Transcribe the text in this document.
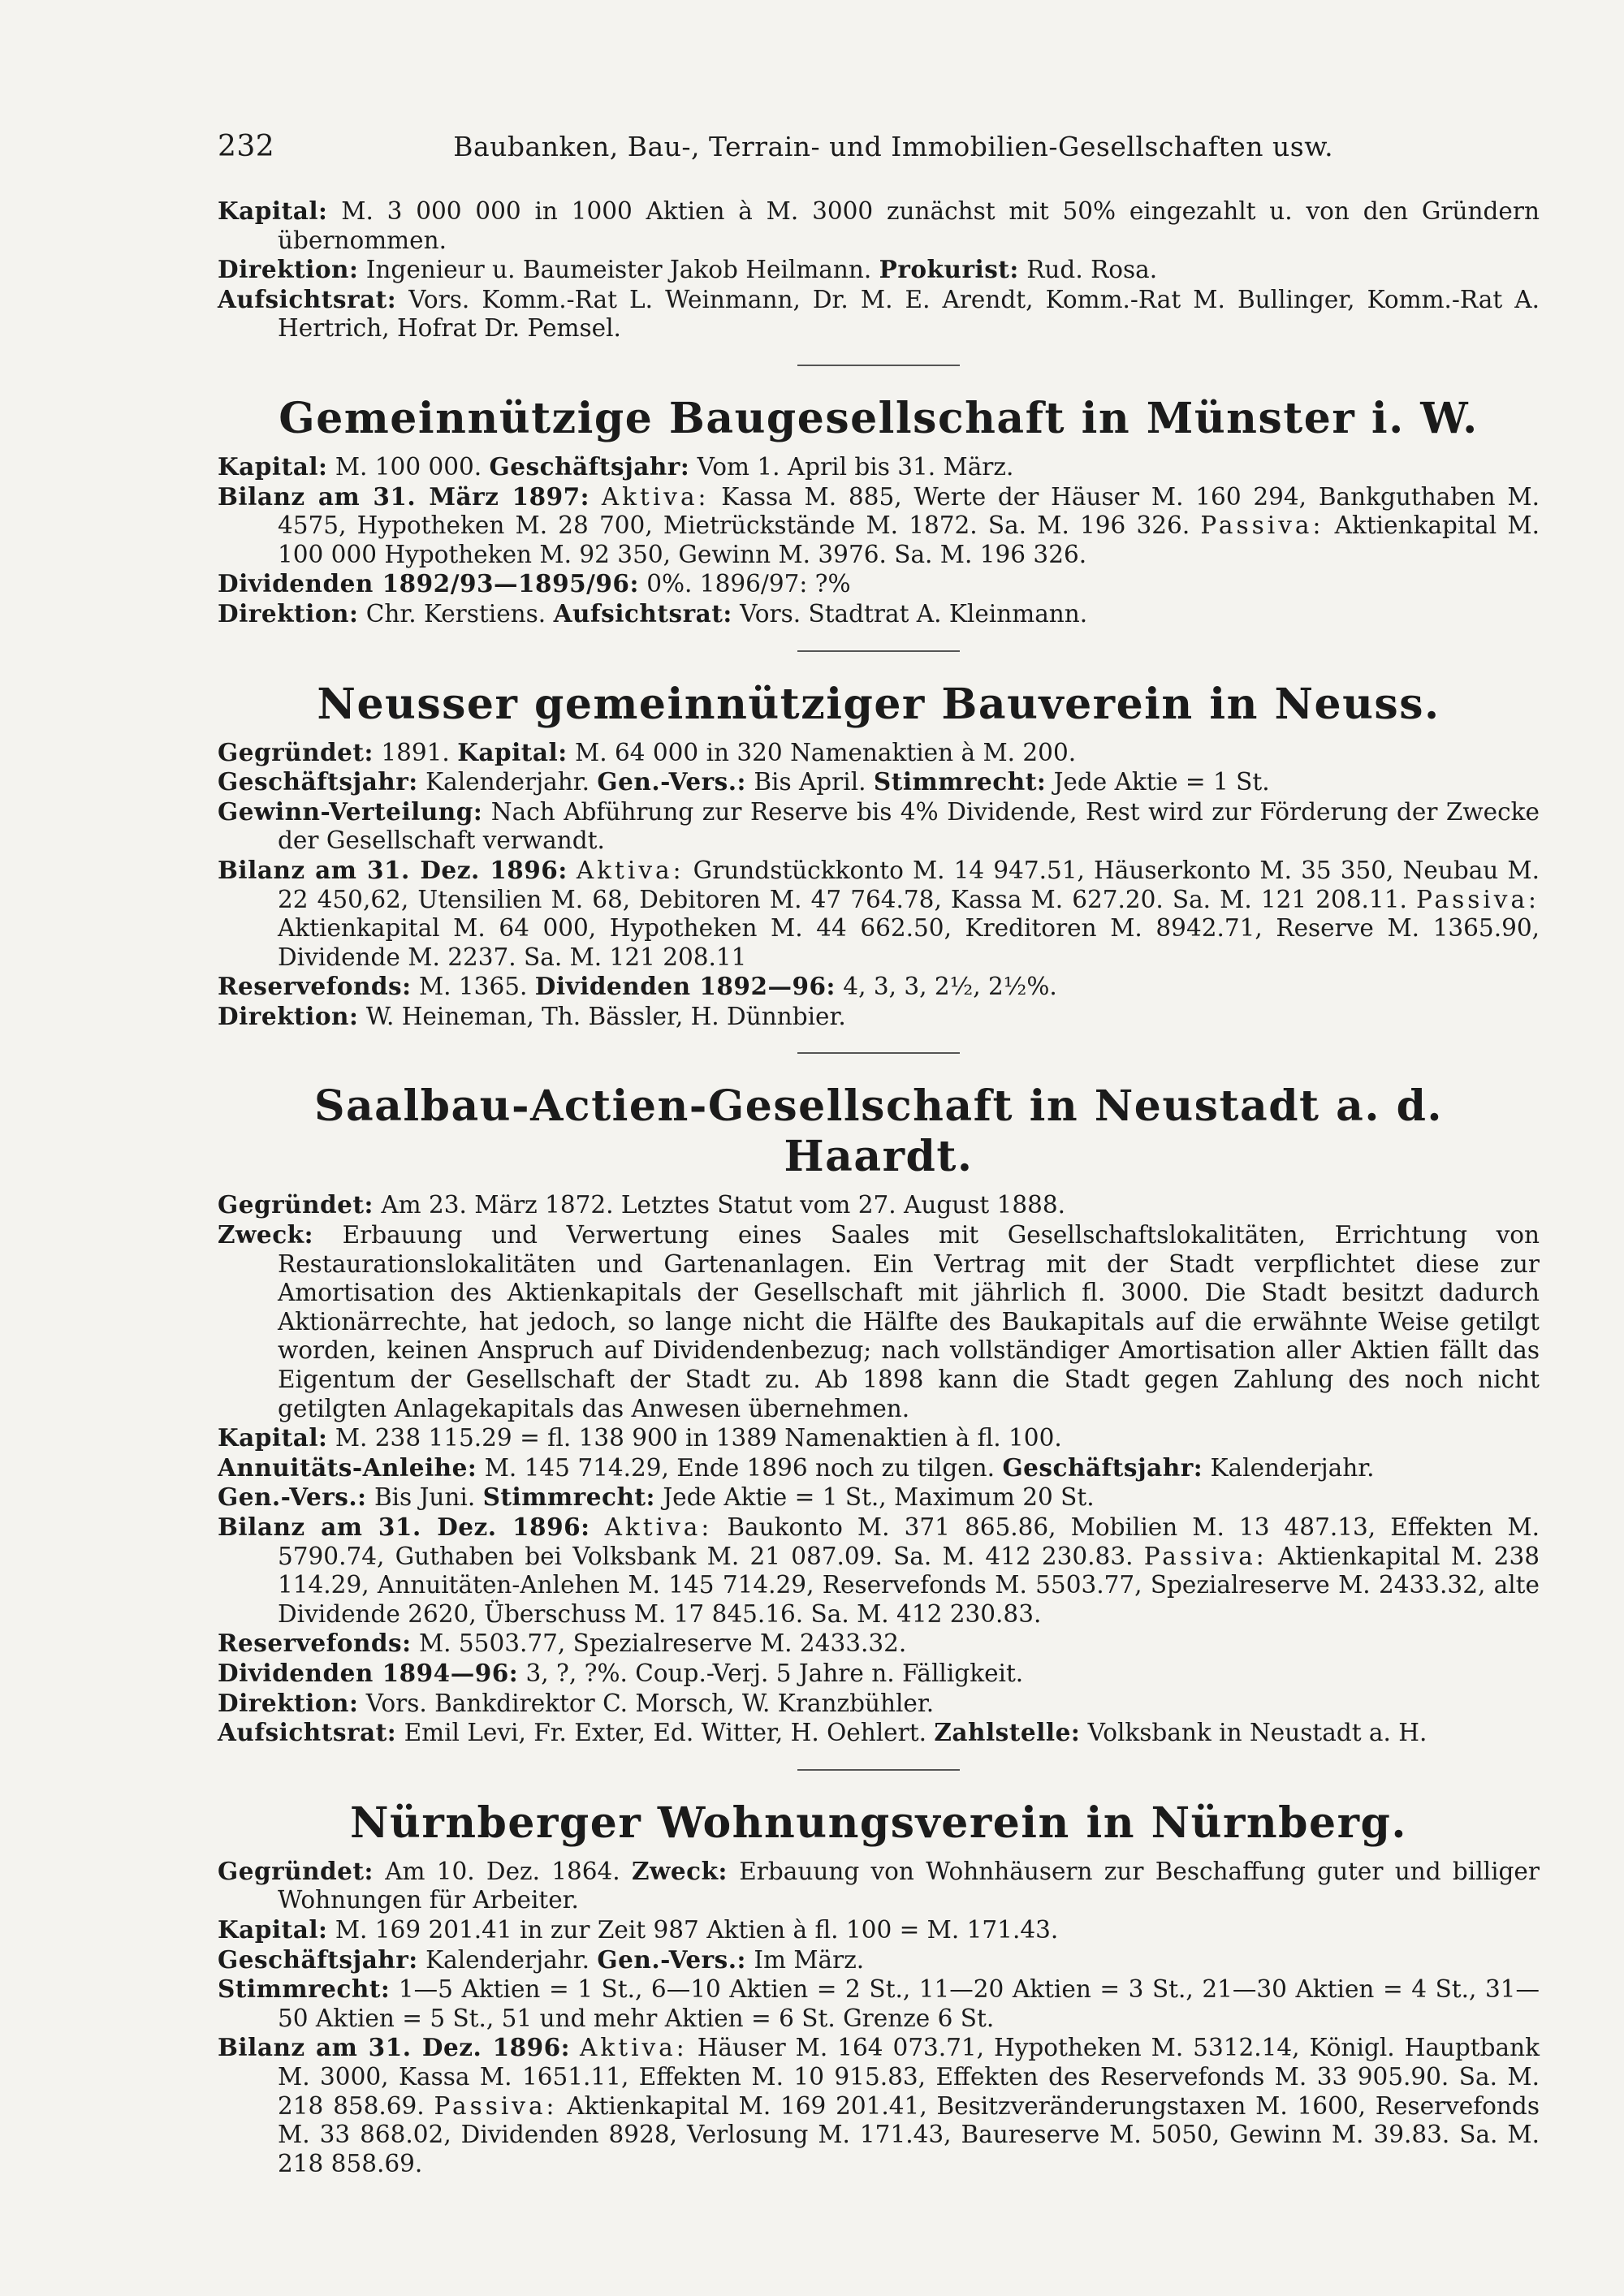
232	Baubanken, Bau-, Terrain- und Immobilien-Gesellschaften usw.

Kapital: M. 3 000 000 in 1000 Aktien à M. 3000 zunächst mit 50% eingezahlt u. von den Gründern übernommen.

Direktion: Ingenieur u. Baumeister Jakob Heilmann. Prokurist: Rud. Rosa.

Aufsichtsrat: Vors. Komm.-Rat L. Weinmann, Dr. M. E. Arendt, Komm.-Rat M. Bullinger, Komm.-Rat A. Hertrich, Hofrat Dr. Pemsel.

Gemeinnützige Baugesellschaft in Münster i. W.

Kapital: M. 100 000. Geschäftsjahr: Vom 1. April bis 31. März.

Bilanz am 31. März 1897: Aktiva: Kassa M. 885, Werte der Häuser M. 160 294, Bankguthaben M. 4575, Hypotheken M. 28 700, Mietrückstände M. 1872. Sa. M. 196 326. Passiva: Aktienkapital M. 100 000 Hypotheken M. 92 350, Gewinn M. 3976. Sa. M. 196 326.

Dividenden 1892/93—1895/96: 0%. 1896/97: ?%

Direktion: Chr. Kerstiens. Aufsichtsrat: Vors. Stadtrat A. Kleinmann.

Neusser gemeinnütziger Bauverein in Neuss.

Gegründet: 1891. Kapital: M. 64 000 in 320 Namenaktien à M. 200.

Geschäftsjahr: Kalenderjahr. Gen.-Vers.: Bis April. Stimmrecht: Jede Aktie = 1 St.

Gewinn-Verteilung: Nach Abführung zur Reserve bis 4% Dividende, Rest wird zur Förderung der Zwecke der Gesellschaft verwandt.

Bilanz am 31. Dez. 1896: Aktiva: Grundstückkonto M. 14 947.51, Häuserkonto M. 35 350, Neubau M. 22 450,62, Utensilien M. 68, Debitoren M. 47 764.78, Kassa M. 627.20. Sa. M. 121 208.11. Passiva: Aktienkapital M. 64 000, Hypotheken M. 44 662.50, Kreditoren M. 8942.71, Reserve M. 1365.90, Dividende M. 2237. Sa. M. 121 208.11

Reservefonds: M. 1365. Dividenden 1892—96: 4, 3, 3, 2½, 2½%.

Direktion: W. Heineman, Th. Bässler, H. Dünnbier.

Saalbau-Actien-Gesellschaft in Neustadt a. d. Haardt.

Gegründet: Am 23. März 1872. Letztes Statut vom 27. August 1888.

Zweck: Erbauung und Verwertung eines Saales mit Gesellschaftslokalitäten, Errichtung von Restaurationslokalitäten und Gartenanlagen. Ein Vertrag mit der Stadt verpflichtet diese zur Amortisation des Aktienkapitals der Gesellschaft mit jährlich fl. 3000. Die Stadt besitzt dadurch Aktionärrechte, hat jedoch, so lange nicht die Hälfte des Baukapitals auf die erwähnte Weise getilgt worden, keinen Anspruch auf Dividendenbezug; nach vollständiger Amortisation aller Aktien fällt das Eigentum der Gesellschaft der Stadt zu. Ab 1898 kann die Stadt gegen Zahlung des noch nicht getilgten Anlagekapitals das Anwesen übernehmen.

Kapital: M. 238 115.29 = fl. 138 900 in 1389 Namenaktien à fl. 100.

Annuitäts-Anleihe: M. 145 714.29, Ende 1896 noch zu tilgen. Geschäftsjahr: Kalenderjahr.

Gen.-Vers.: Bis Juni. Stimmrecht: Jede Aktie = 1 St., Maximum 20 St.

Bilanz am 31. Dez. 1896: Aktiva: Baukonto M. 371 865.86, Mobilien M. 13 487.13, Effekten M. 5790.74, Guthaben bei Volksbank M. 21 087.09. Sa. M. 412 230.83. Passiva: Aktienkapital M. 238 114.29, Annuitäten-Anlehen M. 145 714.29, Reservefonds M. 5503.77, Spezialreserve M. 2433.32, alte Dividende 2620, Überschuss M. 17 845.16. Sa. M. 412 230.83.

Reservefonds: M. 5503.77, Spezialreserve M. 2433.32.

Dividenden 1894—96: 3, ?, ?%. Coup.-Verj. 5 Jahre n. Fälligkeit.

Direktion: Vors. Bankdirektor C. Morsch, W. Kranzbühler.

Aufsichtsrat: Emil Levi, Fr. Exter, Ed. Witter, H. Oehlert. Zahlstelle: Volksbank in Neustadt a. H.

Nürnberger Wohnungsverein in Nürnberg.

Gegründet: Am 10. Dez. 1864. Zweck: Erbauung von Wohnhäusern zur Beschaffung guter und billiger Wohnungen für Arbeiter.

Kapital: M. 169 201.41 in zur Zeit 987 Aktien à fl. 100 = M. 171.43.

Geschäftsjahr: Kalenderjahr. Gen.-Vers.: Im März.

Stimmrecht: 1—5 Aktien = 1 St., 6—10 Aktien = 2 St., 11—20 Aktien = 3 St., 21—30 Aktien = 4 St., 31—50 Aktien = 5 St., 51 und mehr Aktien = 6 St. Grenze 6 St.

Bilanz am 31. Dez. 1896: Aktiva: Häuser M. 164 073.71, Hypotheken M. 5312.14, Königl. Hauptbank M. 3000, Kassa M. 1651.11, Effekten M. 10 915.83, Effekten des Reservefonds M. 33 905.90. Sa. M. 218 858.69. Passiva: Aktienkapital M. 169 201.41, Besitzveränderungstaxen M. 1600, Reservefonds M. 33 868.02, Dividenden 8928, Verlosung M. 171.43, Baureserve M. 5050, Gewinn M. 39.83. Sa. M. 218 858.69.
